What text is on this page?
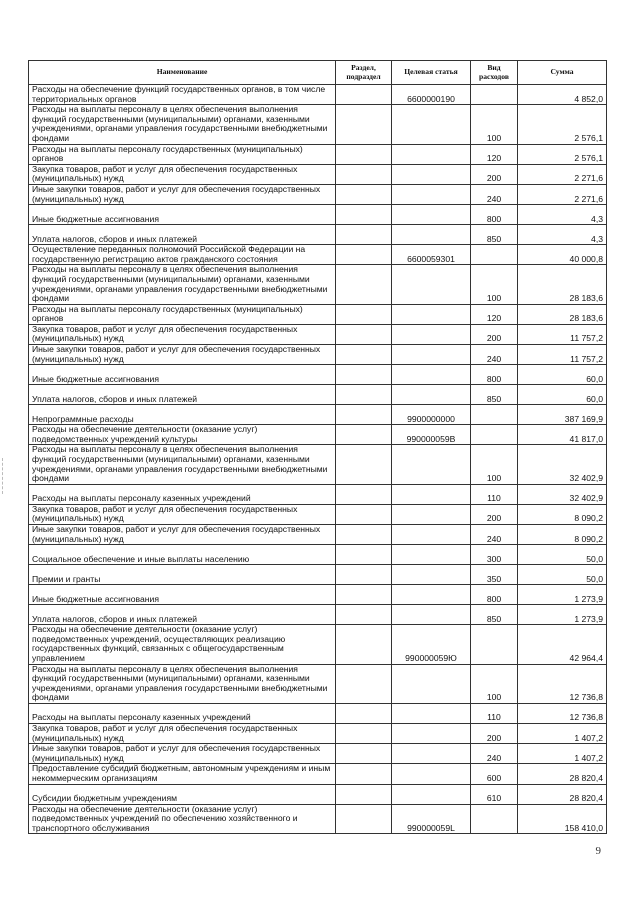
Наименование	Раздел, подраздел	Целевая статья	Вид расходов	Сумма
Расходы на обеспечение функций государственных органов, в том числе территориальных органов		6600000190		4 852,0
Расходы на выплаты персоналу в целях обеспечения выполнения функций государственными (муниципальными) органами, казенными учреждениями, органами управления государственными внебюджетными фондами			100	2 576,1
Расходы на выплаты персоналу государственных (муниципальных) органов			120	2 576,1
Закупка товаров, работ и услуг для обеспечения государственных (муниципальных) нужд			200	2 271,6
Иные закупки товаров, работ и услуг для обеспечения государственных (муниципальных) нужд			240	2 271,6
Иные бюджетные ассигнования			800	4,3
Уплата налогов, сборов и иных платежей			850	4,3
Осуществление переданных полномочий Российской Федерации на государственную регистрацию актов гражданского состояния		6600059301		40 000,8
Расходы на выплаты персоналу в целях обеспечения выполнения функций государственными (муниципальными) органами, казенными учреждениями, органами управления государственными внебюджетными фондами			100	28 183,6
Расходы на выплаты персоналу государственных (муниципальных) органов			120	28 183,6
Закупка товаров, работ и услуг для обеспечения государственных (муниципальных) нужд			200	11 757,2
Иные закупки товаров, работ и услуг для обеспечения государственных (муниципальных) нужд			240	11 757,2
Иные бюджетные ассигнования			800	60,0
Уплата налогов, сборов и иных платежей			850	60,0
Непрограммные расходы		9900000000		387 169,9
Расходы на обеспечение деятельности (оказание услуг) подведомственных учреждений культуры		990000059В		41 817,0
Расходы на выплаты персоналу в целях обеспечения выполнения функций государственными (муниципальными) органами, казенными учреждениями, органами управления государственными внебюджетными фондами			100	32 402,9
Расходы на выплаты персоналу казенных учреждений			110	32 402,9
Закупка товаров, работ и услуг для обеспечения государственных (муниципальных) нужд			200	8 090,2
Иные закупки товаров, работ и услуг для обеспечения государственных (муниципальных) нужд			240	8 090,2
Социальное обеспечение и иные выплаты населению			300	50,0
Премии и гранты			350	50,0
Иные бюджетные ассигнования			800	1 273,9
Уплата налогов, сборов и иных платежей			850	1 273,9
Расходы на обеспечение деятельности (оказание услуг) подведомственных учреждений, осуществляющих реализацию государственных функций, связанных с общегосударственным управлением		990000059Ю		42 964,4
Расходы на выплаты персоналу в целях обеспечения выполнения функций государственными (муниципальными) органами, казенными учреждениями, органами управления государственными внебюджетными фондами			100	12 736,8
Расходы на выплаты персоналу казенных учреждений			110	12 736,8
Закупка товаров, работ и услуг для обеспечения государственных (муниципальных) нужд			200	1 407,2
Иные закупки товаров, работ и услуг для обеспечения государственных (муниципальных) нужд			240	1 407,2
Предоставление субсидий бюджетным, автономным учреждениям и иным некоммерческим организациям			600	28 820,4
Субсидии бюджетным учреждениям			610	28 820,4
Расходы на обеспечение деятельности (оказание услуг) подведомственных учреждений по обеспечению хозяйственного и транспортного обслуживания		990000059L		158 410,0
9
